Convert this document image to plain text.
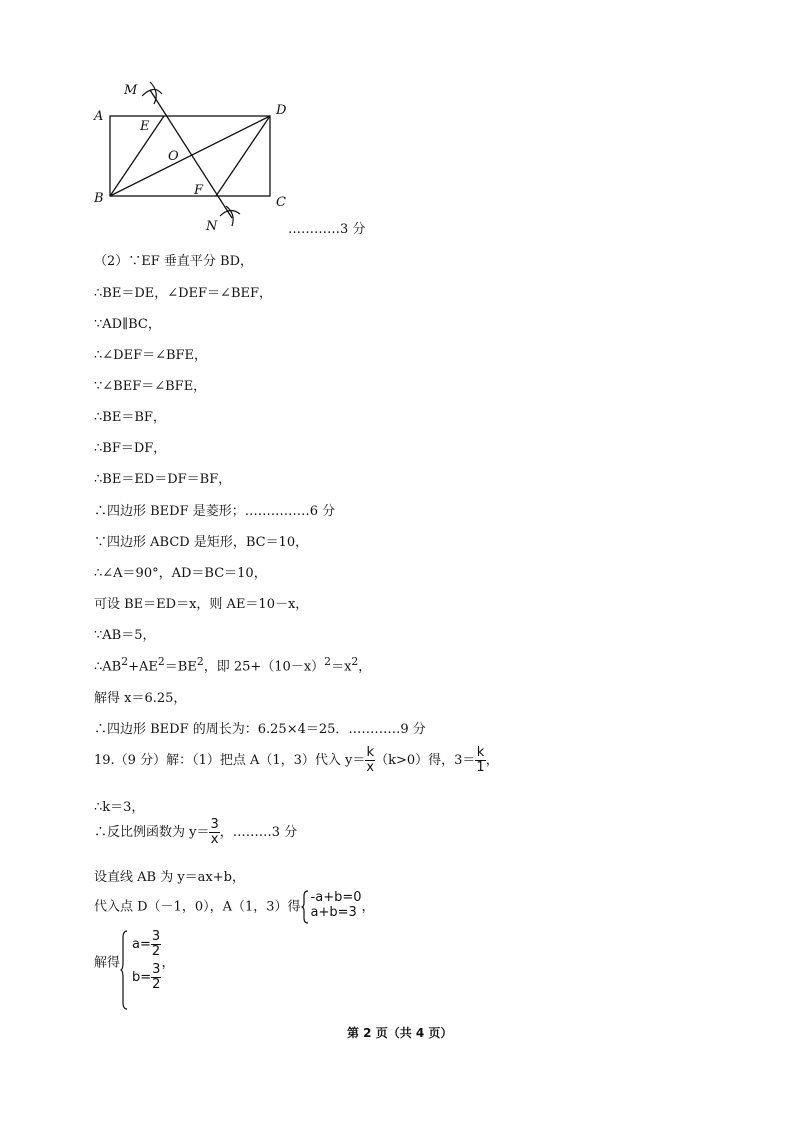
M
A
E
D
O
B
F
C
N	…………3 分
（2）∵EF 垂直平分 BD，
∴BE＝DE，∠DEF＝∠BEF，
∵AD∥BC，
∴∠DEF＝∠BFE，
∵∠BEF＝∠BFE，
∴BE＝BF，
∴BF＝DF，
∴BE＝ED＝DF＝BF，
∴四边形 BEDF 是菱形；……………6 分
∵四边形 ABCD 是矩形，BC＝10，
∴∠A＝90°，AD＝BC＝10，
可设 BE＝ED＝x，则 AE＝10－x，
∵AB＝5，
$\therefore AB^2+AE^2=BE^2$，即 $25+(10-x)^2=x^2$，
解得 x＝6.25，
∴四边形 BEDF 的周长为：6.25×4＝25．…………9 分
19.（9 分）解：（1）把点 A（1，3）代入 $y= \frac{k}{x} (k>0)$得，$3= \frac{k}{1}$ ，
∴k＝3，
∴反比例函数为 $y= \frac{3}{x}$ ，………3 分
设直线 AB 为 y＝ax+b，
代入点 D（－1，0），A（1，3）得
-a+b=0
a+b=3 ，
解得
$a= \frac{3}{2}$
$b= \frac{3}{2}$ ，
第 2 页（共 4 页）
